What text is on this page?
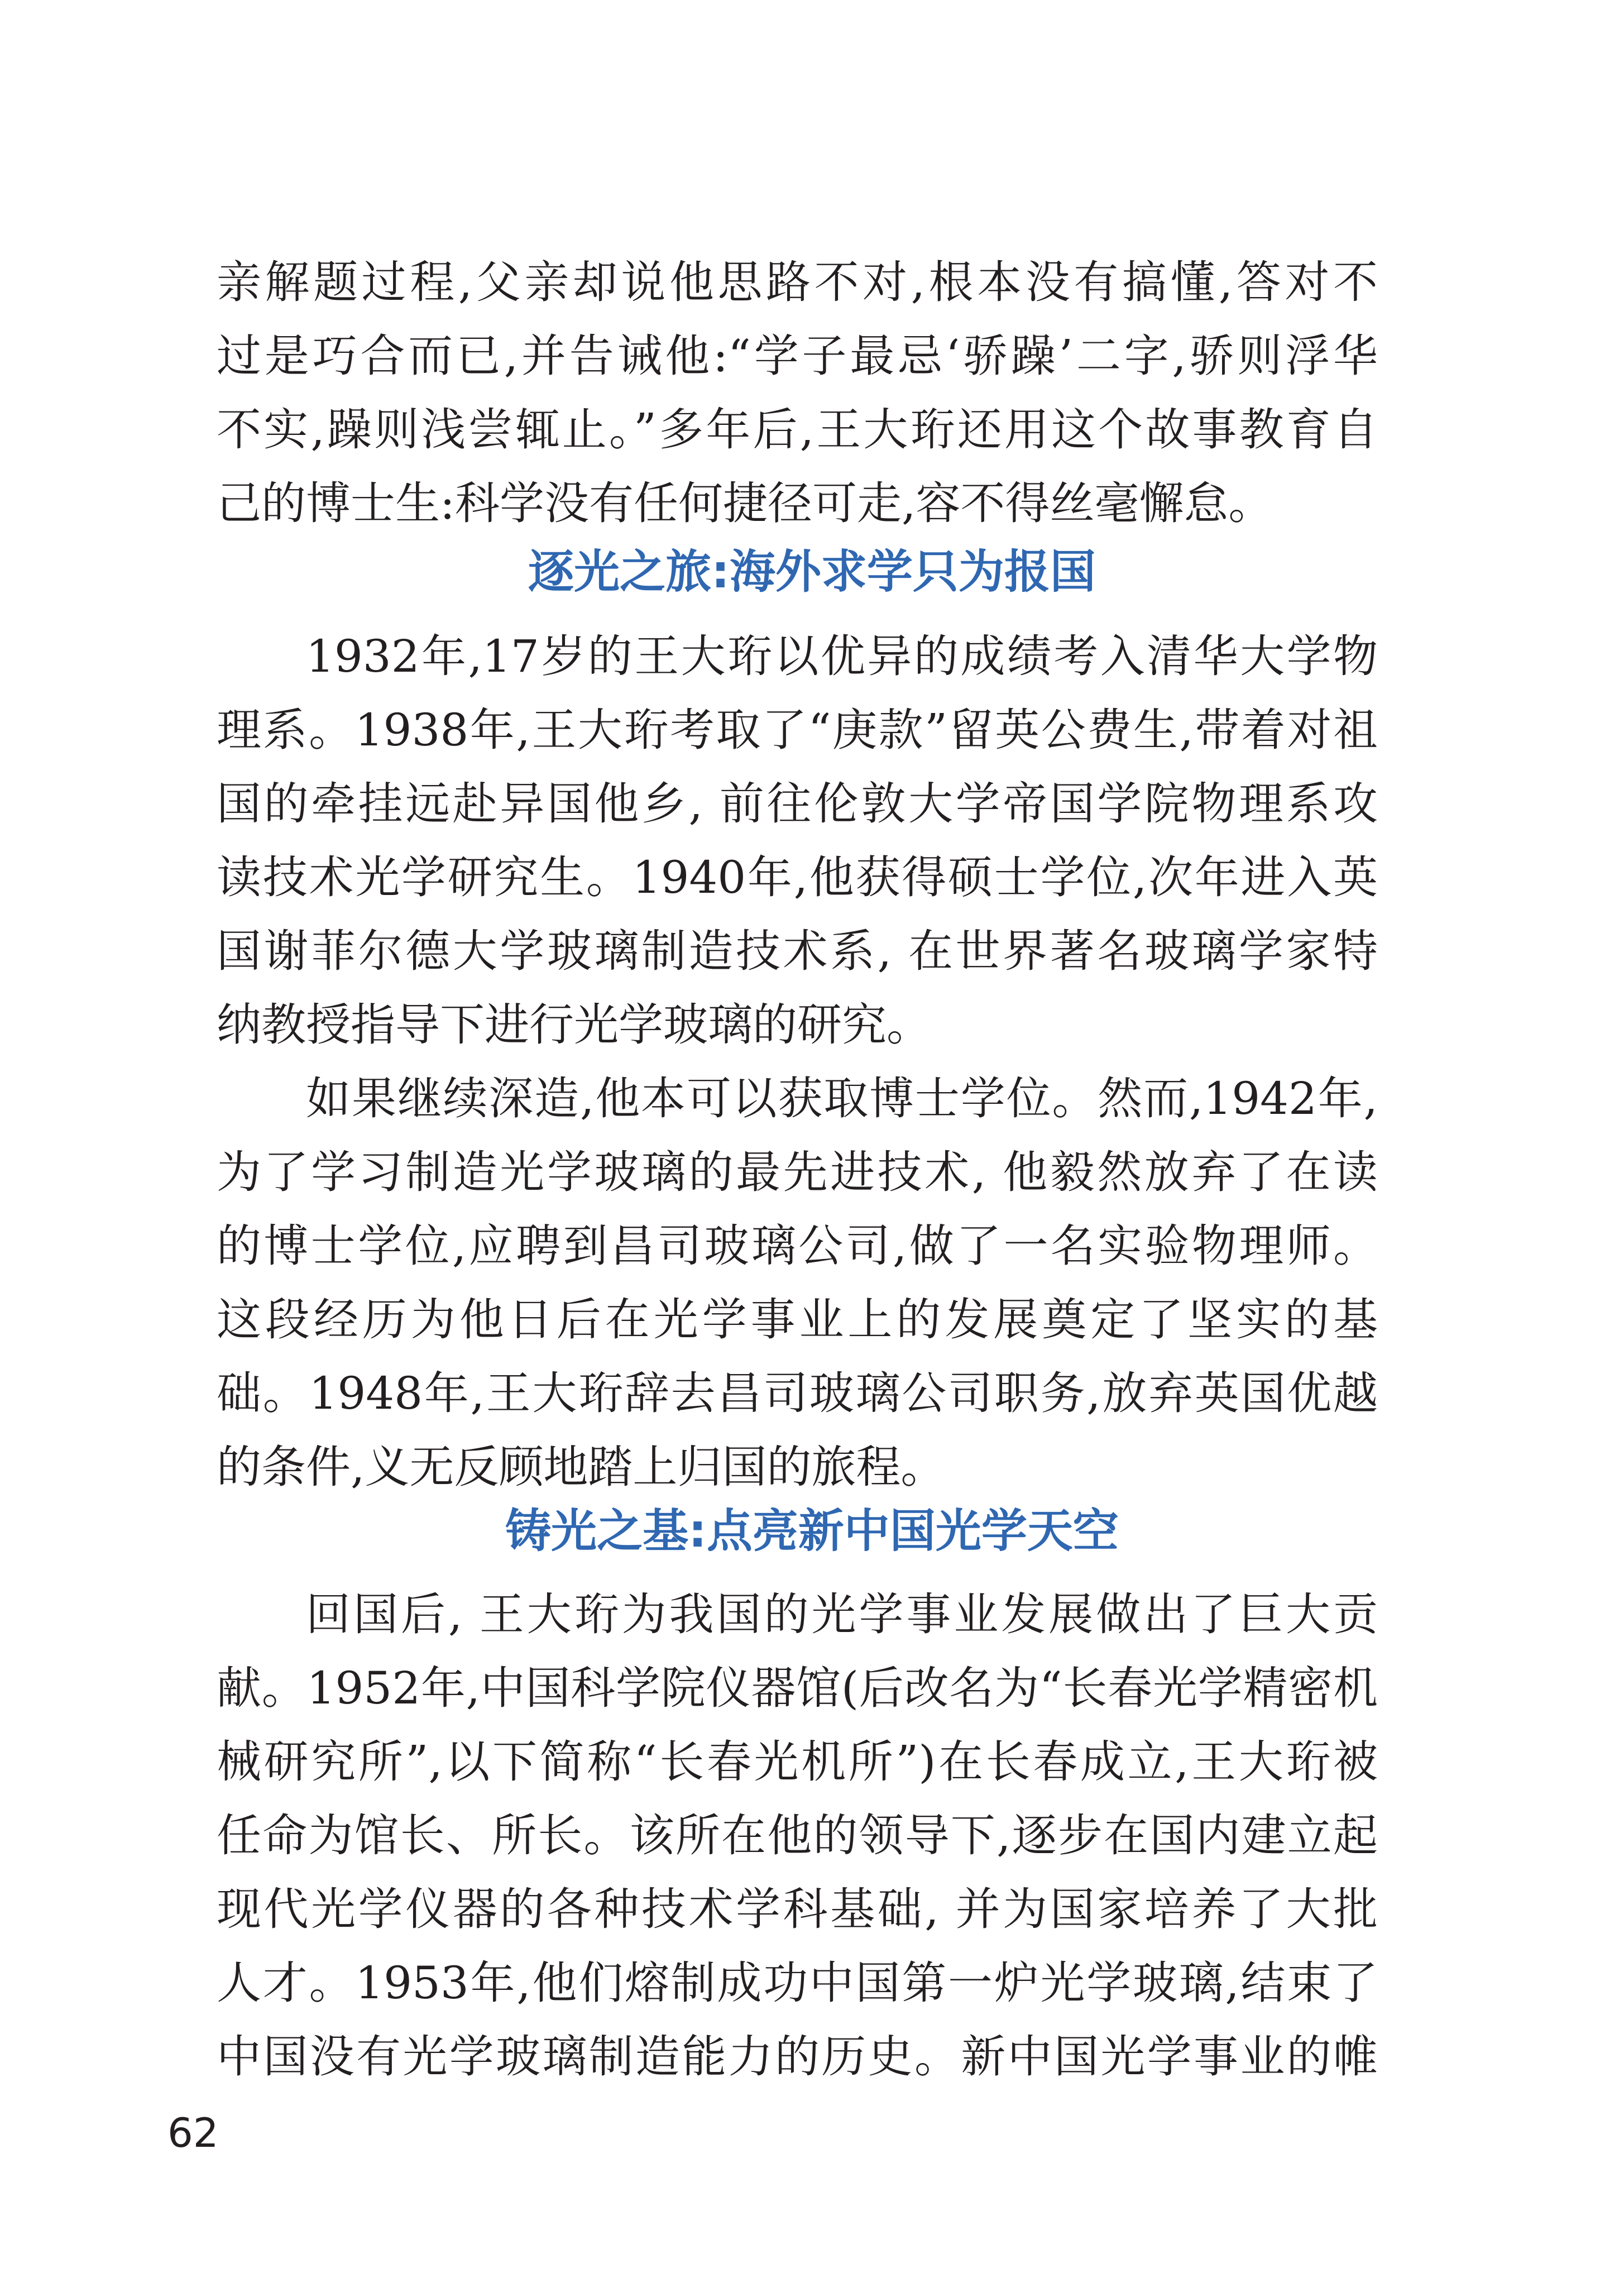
亲解题过程,父亲却说他思路不对,根本没有搞懂,答对不
过是巧合而已,并告诫他:“学子最忌‘骄躁’二字,骄则浮华
不实,躁则浅尝辄止。”多年后,王大珩还用这个故事教育自
己的博士生:科学没有任何捷径可走,容不得丝毫懈怠。
逐光之旅:海外求学只为报国
1932年,17岁的王大珩以优异的成绩考入清华大学物
理系。1938年,王大珩考取了“庚款”留英公费生,带着对祖
国的牵挂远赴异国他乡, 前往伦敦大学帝国学院物理系攻
读技术光学研究生。1940年,他获得硕士学位,次年进入英
国谢菲尔德大学玻璃制造技术系, 在世界著名玻璃学家特
纳教授指导下进行光学玻璃的研究。
如果继续深造,他本可以获取博士学位。然而,1942年,
为了学习制造光学玻璃的最先进技术, 他毅然放弃了在读
的博士学位,应聘到昌司玻璃公司,做了一名实验物理师。
这段经历为他日后在光学事业上的发展奠定了坚实的基
础。1948年,王大珩辞去昌司玻璃公司职务,放弃英国优越
的条件,义无反顾地踏上归国的旅程。
铸光之基:点亮新中国光学天空
回国后, 王大珩为我国的光学事业发展做出了巨大贡
献。1952年,中国科学院仪器馆(后改名为“长春光学精密机
械研究所”,以下简称“长春光机所”)在长春成立,王大珩被
任命为馆长、所长。该所在他的领导下,逐步在国内建立起
现代光学仪器的各种技术学科基础, 并为国家培养了大批
人才。1953年,他们熔制成功中国第一炉光学玻璃,结束了
中国没有光学玻璃制造能力的历史。新中国光学事业的帷
62
